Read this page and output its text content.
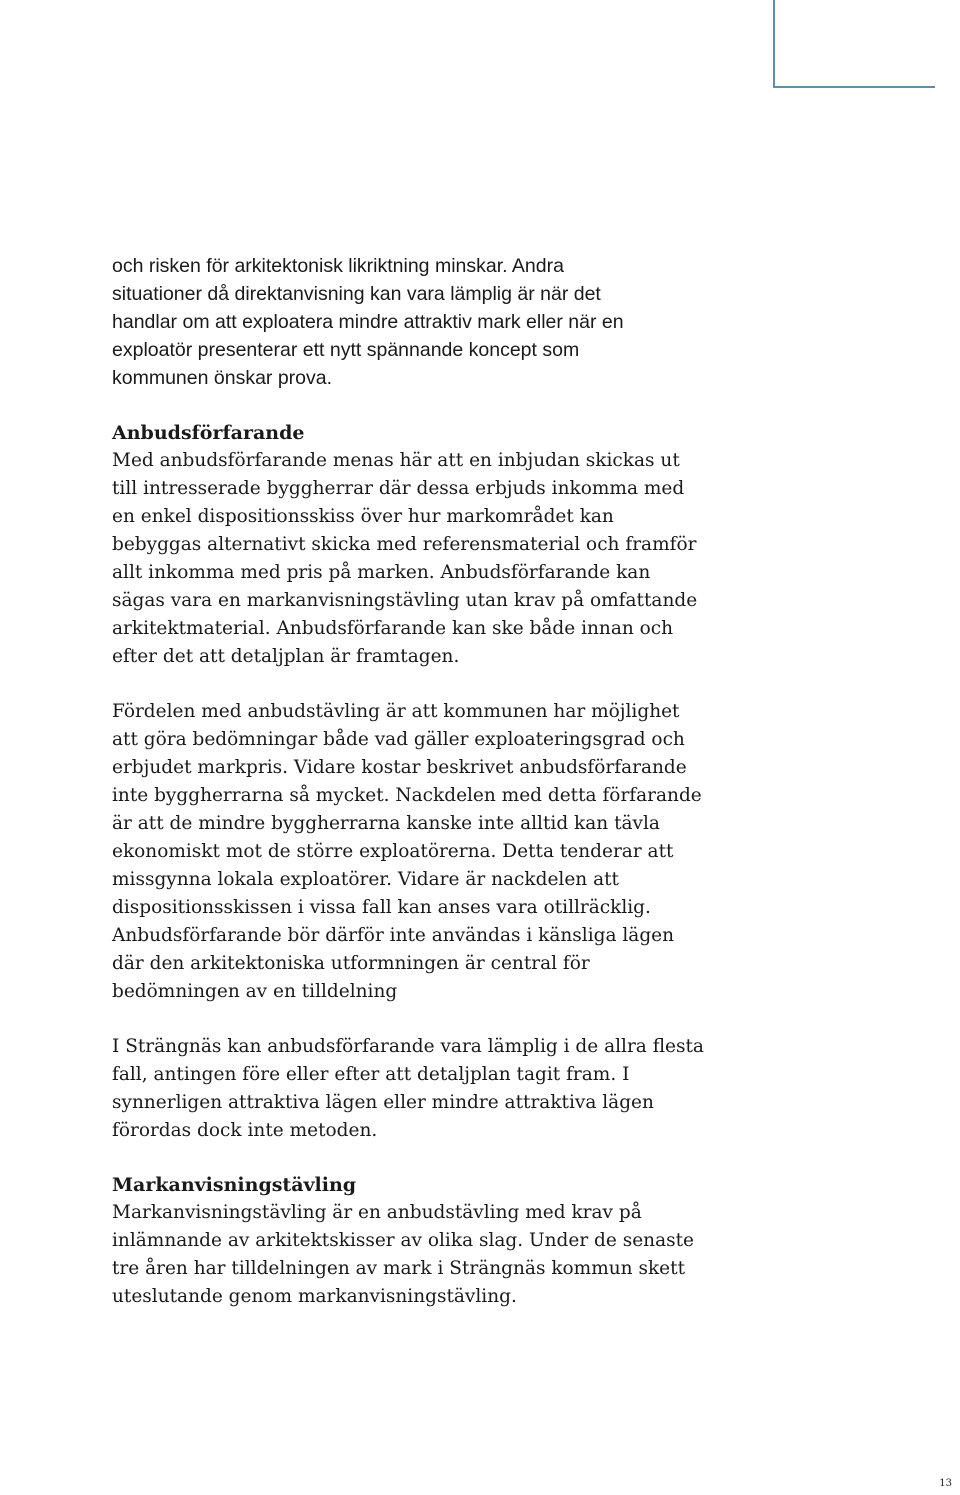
och risken för arkitektonisk likriktning minskar. Andra
situationer då direktanvisning kan vara lämplig är när det
handlar om att exploatera mindre attraktiv mark eller när en
exploatör presenterar ett nytt spännande koncept som
kommunen önskar prova.

Anbudsförfarande

Med anbudsförfarande menas här att en inbjudan skickas ut
till intresserade byggherrar där dessa erbjuds inkomma med
en enkel dispositionsskiss över hur markområdet kan
bebyggas alternativt skicka med referensmaterial och framför
allt inkomma med pris på marken. Anbudsförfarande kan
sägas vara en markanvisningstävling utan krav på omfattande
arkitektmaterial. Anbudsförfarande kan ske både innan och
efter det att detaljplan är framtagen.

Fördelen med anbudstävling är att kommunen har möjlighet
att göra bedömningar både vad gäller exploateringsgrad och
erbjudet markpris. Vidare kostar beskrivet anbudsförfarande
inte byggherrarna så mycket. Nackdelen med detta förfarande
är att de mindre byggherrarna kanske inte alltid kan tävla
ekonomiskt mot de större exploatörerna. Detta tenderar att
missgynna lokala exploatörer. Vidare är nackdelen att
dispositionsskissen i vissa fall kan anses vara otillräcklig.
Anbudsförfarande bör därför inte användas i känsliga lägen
där den arkitektoniska utformningen är central för
bedömningen av en tilldelning

I Strängnäs kan anbudsförfarande vara lämplig i de allra flesta
fall, antingen före eller efter att detaljplan tagit fram. I
synnerligen attraktiva lägen eller mindre attraktiva lägen
förordas dock inte metoden.

Markanvisningstävling

Markanvisningstävling är en anbudstävling med krav på
inlämnande av arkitektskisser av olika slag. Under de senaste
tre åren har tilldelningen av mark i Strängnäs kommun skett
uteslutande genom markanvisningstävling.

13
